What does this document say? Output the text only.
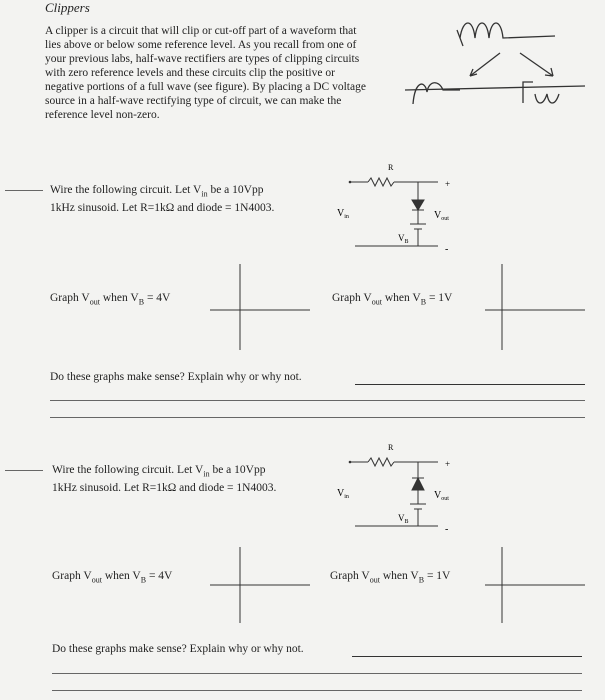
Clippers
A clipper is a circuit that will clip or cut-off part of a waveform that lies above or below some reference level. As you recall from one of your previous labs, half-wave rectifiers are types of clipping circuits with zero reference levels and these circuits clip the positive or negative portions of a full wave (see figure). By placing a DC voltage source in a half-wave rectifying type of circuit, we can make the reference level non-zero.
Wire the following circuit. Let $V_{in}$ be a 10Vpp
1kHz sinusoid. Let R=1kΩ and diode = 1N4003.
R
+
$V_{in}$	$V_{out}$
$V_B$
-
Graph $V_{out}$ when $V_B = 4V$	Graph $V_{out}$ when $V_B = 1V$
Do these graphs make sense? Explain why or why not.
Wire the following circuit. Let $V_{in}$ be a 10Vpp
1kHz sinusoid. Let R=1kΩ and diode = 1N4003.
R
+
$V_{in}$	$V_{out}$
$V_B$
-
Graph $V_{out}$ when $V_B = 4V$	Graph $V_{out}$ when $V_B = 1V$
Do these graphs make sense? Explain why or why not.
